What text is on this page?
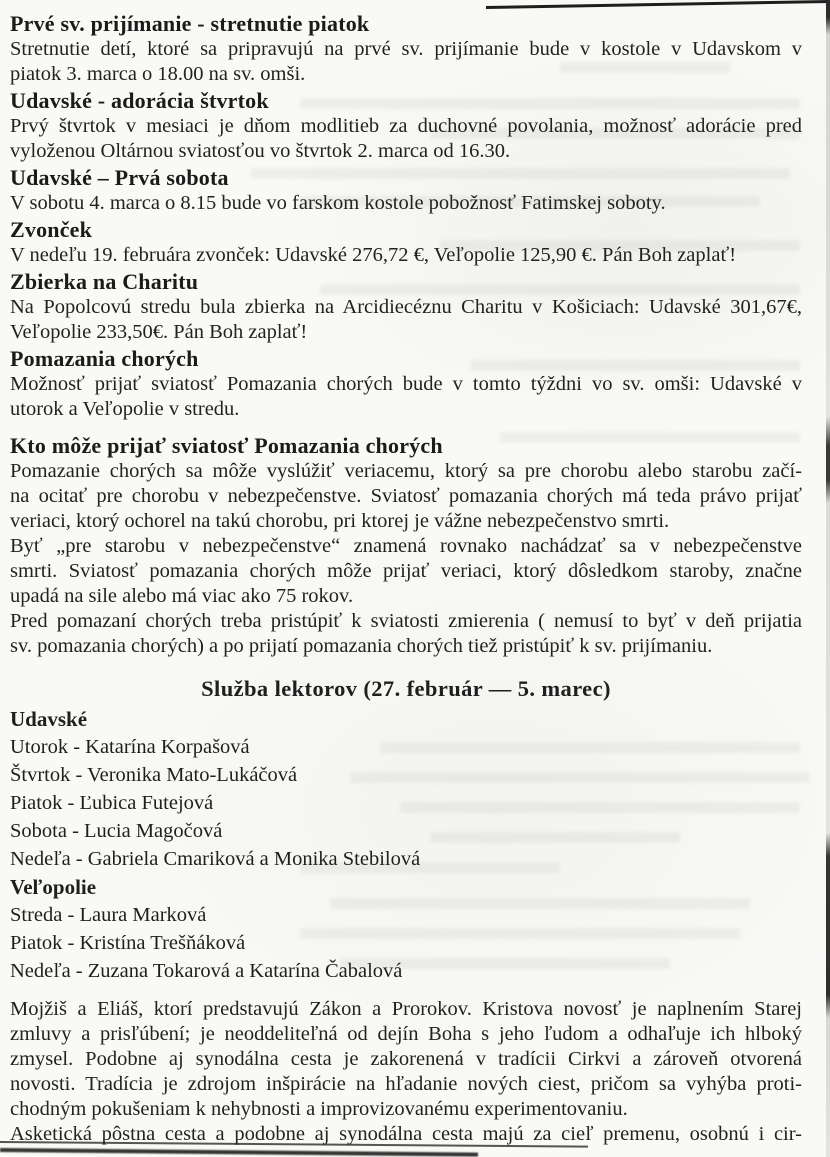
Prvé sv. prijímanie - stretnutie piatok

Stretnutie detí, ktoré sa pripravujú na prvé sv. prijímanie bude v kostole v Udavskom v

piatok 3. marca o 18.00 na sv. omši.

Udavské - adorácia štvrtok

Prvý štvrtok v mesiaci je dňom modlitieb za duchovné povolania, možnosť adorácie pred

vyloženou Oltárnou sviatosťou vo štvrtok 2. marca od 16.30.

Udavské – Prvá sobota

V sobotu 4. marca o 8.15 bude vo farskom kostole pobožnosť Fatimskej soboty.

Zvonček

V nedeľu 19. februára zvonček: Udavské 276,72 €, Veľopolie 125,90 €. Pán Boh zaplať!

Zbierka na Charitu

Na Popolcovú stredu bula zbierka na Arcidiecéznu Charitu v Košiciach: Udavské 301,67€,

Veľopolie 233,50€. Pán Boh zaplať!

Pomazania chorých

Možnosť prijať sviatosť Pomazania chorých bude v tomto týždni vo sv. omši: Udavské v

utorok a Veľopolie v stredu.

Kto môže prijať sviatosť Pomazania chorých

Pomazanie chorých sa môže vyslúžiť veriacemu, ktorý sa pre chorobu alebo starobu začí-

na ocitať pre chorobu v nebezpečenstve. Sviatosť pomazania chorých má teda právo prijať

veriaci, ktorý ochorel na takú chorobu, pri ktorej je vážne nebezpečenstvo smrti.

Byť „pre starobu v nebezpečenstve“ znamená rovnako nachádzať sa v nebezpečenstve

smrti. Sviatosť pomazania chorých môže prijať veriaci, ktorý dôsledkom staroby, značne

upadá na sile alebo má viac ako 75 rokov.

Pred pomazaní chorých treba pristúpiť k sviatosti zmierenia ( nemusí to byť v deň prijatia

sv. pomazania chorých) a po prijatí pomazania chorých tiež pristúpiť k sv. prijímaniu.

Služba lektorov (27. február — 5. marec)
Udavské

Utorok - Katarína Korpašová

Štvrtok - Veronika Mato-Lukáčová

Piatok - Ľubica Futejová

Sobota - Lucia Magočová

Nedeľa - Gabriela Cmariková a Monika Stebilová

Veľopolie

Streda - Laura Marková

Piatok - Kristína Trešňáková

Nedeľa - Zuzana Tokarová a Katarína Čabalová

Mojžiš a Eliáš, ktorí predstavujú Zákon a Prorokov. Kristova novosť je naplnením Starej

zmluvy a prisľúbení; je neoddeliteľná od dejín Boha s jeho ľudom a odhaľuje ich hlboký

zmysel. Podobne aj synodálna cesta je zakorenená v tradícii Cirkvi a zároveň otvorená

novosti. Tradícia je zdrojom inšpirácie na hľadanie nových ciest, pričom sa vyhýba proti-

chodným pokušeniam k nehybnosti a improvizovanému experimentovaniu.

Asketická pôstna cesta a podobne aj synodálna cesta majú za cieľ premenu, osobnú i cir-
